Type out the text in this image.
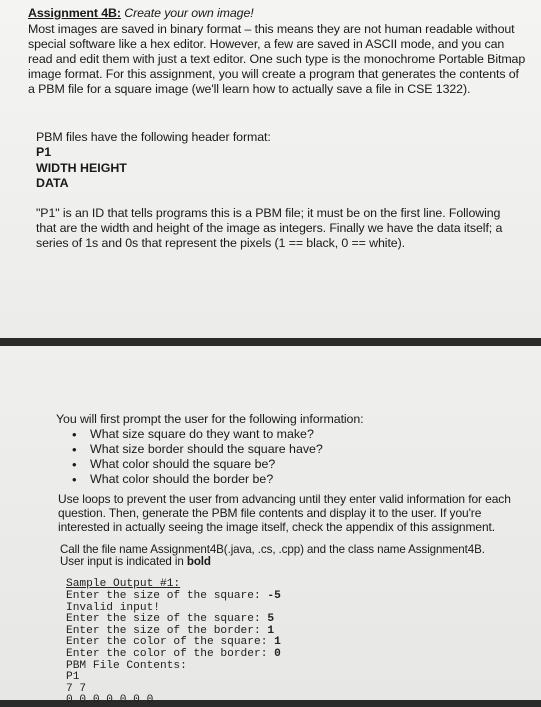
Assignment 4B: Create your own image!
Most images are saved in binary format – this means they are not human readable without special software like a hex editor. However, a few are saved in ASCII mode, and you can read and edit them with just a text editor. One such type is the monochrome Portable Bitmap image format. For this assignment, you will create a program that generates the contents of a PBM file for a square image (we'll learn how to actually save a file in CSE 1322).
PBM files have the following header format:
P1
WIDTH HEIGHT
DATA
"P1" is an ID that tells programs this is a PBM file; it must be on the first line. Following that are the width and height of the image as integers. Finally we have the data itself; a series of 1s and 0s that represent the pixels (1 == black, 0 == white).
You will first prompt the user for the following information:
• What size square do they want to make?
• What size border should the square have?
• What color should the square be?
• What color should the border be?
Use loops to prevent the user from advancing until they enter valid information for each question. Then, generate the PBM file contents and display it to the user. If you're interested in actually seeing the image itself, check the appendix of this assignment.
Call the file name Assignment4B(.java, .cs, .cpp) and the class name Assignment4B.
User input is indicated in bold
Sample Output #1:
Enter the size of the square: -5
Invalid input!
Enter the size of the square: 5
Enter the size of the border: 1
Enter the color of the square: 1
Enter the color of the border: 0
PBM File Contents:
P1
7 7
0 0 0 0 0 0 0
